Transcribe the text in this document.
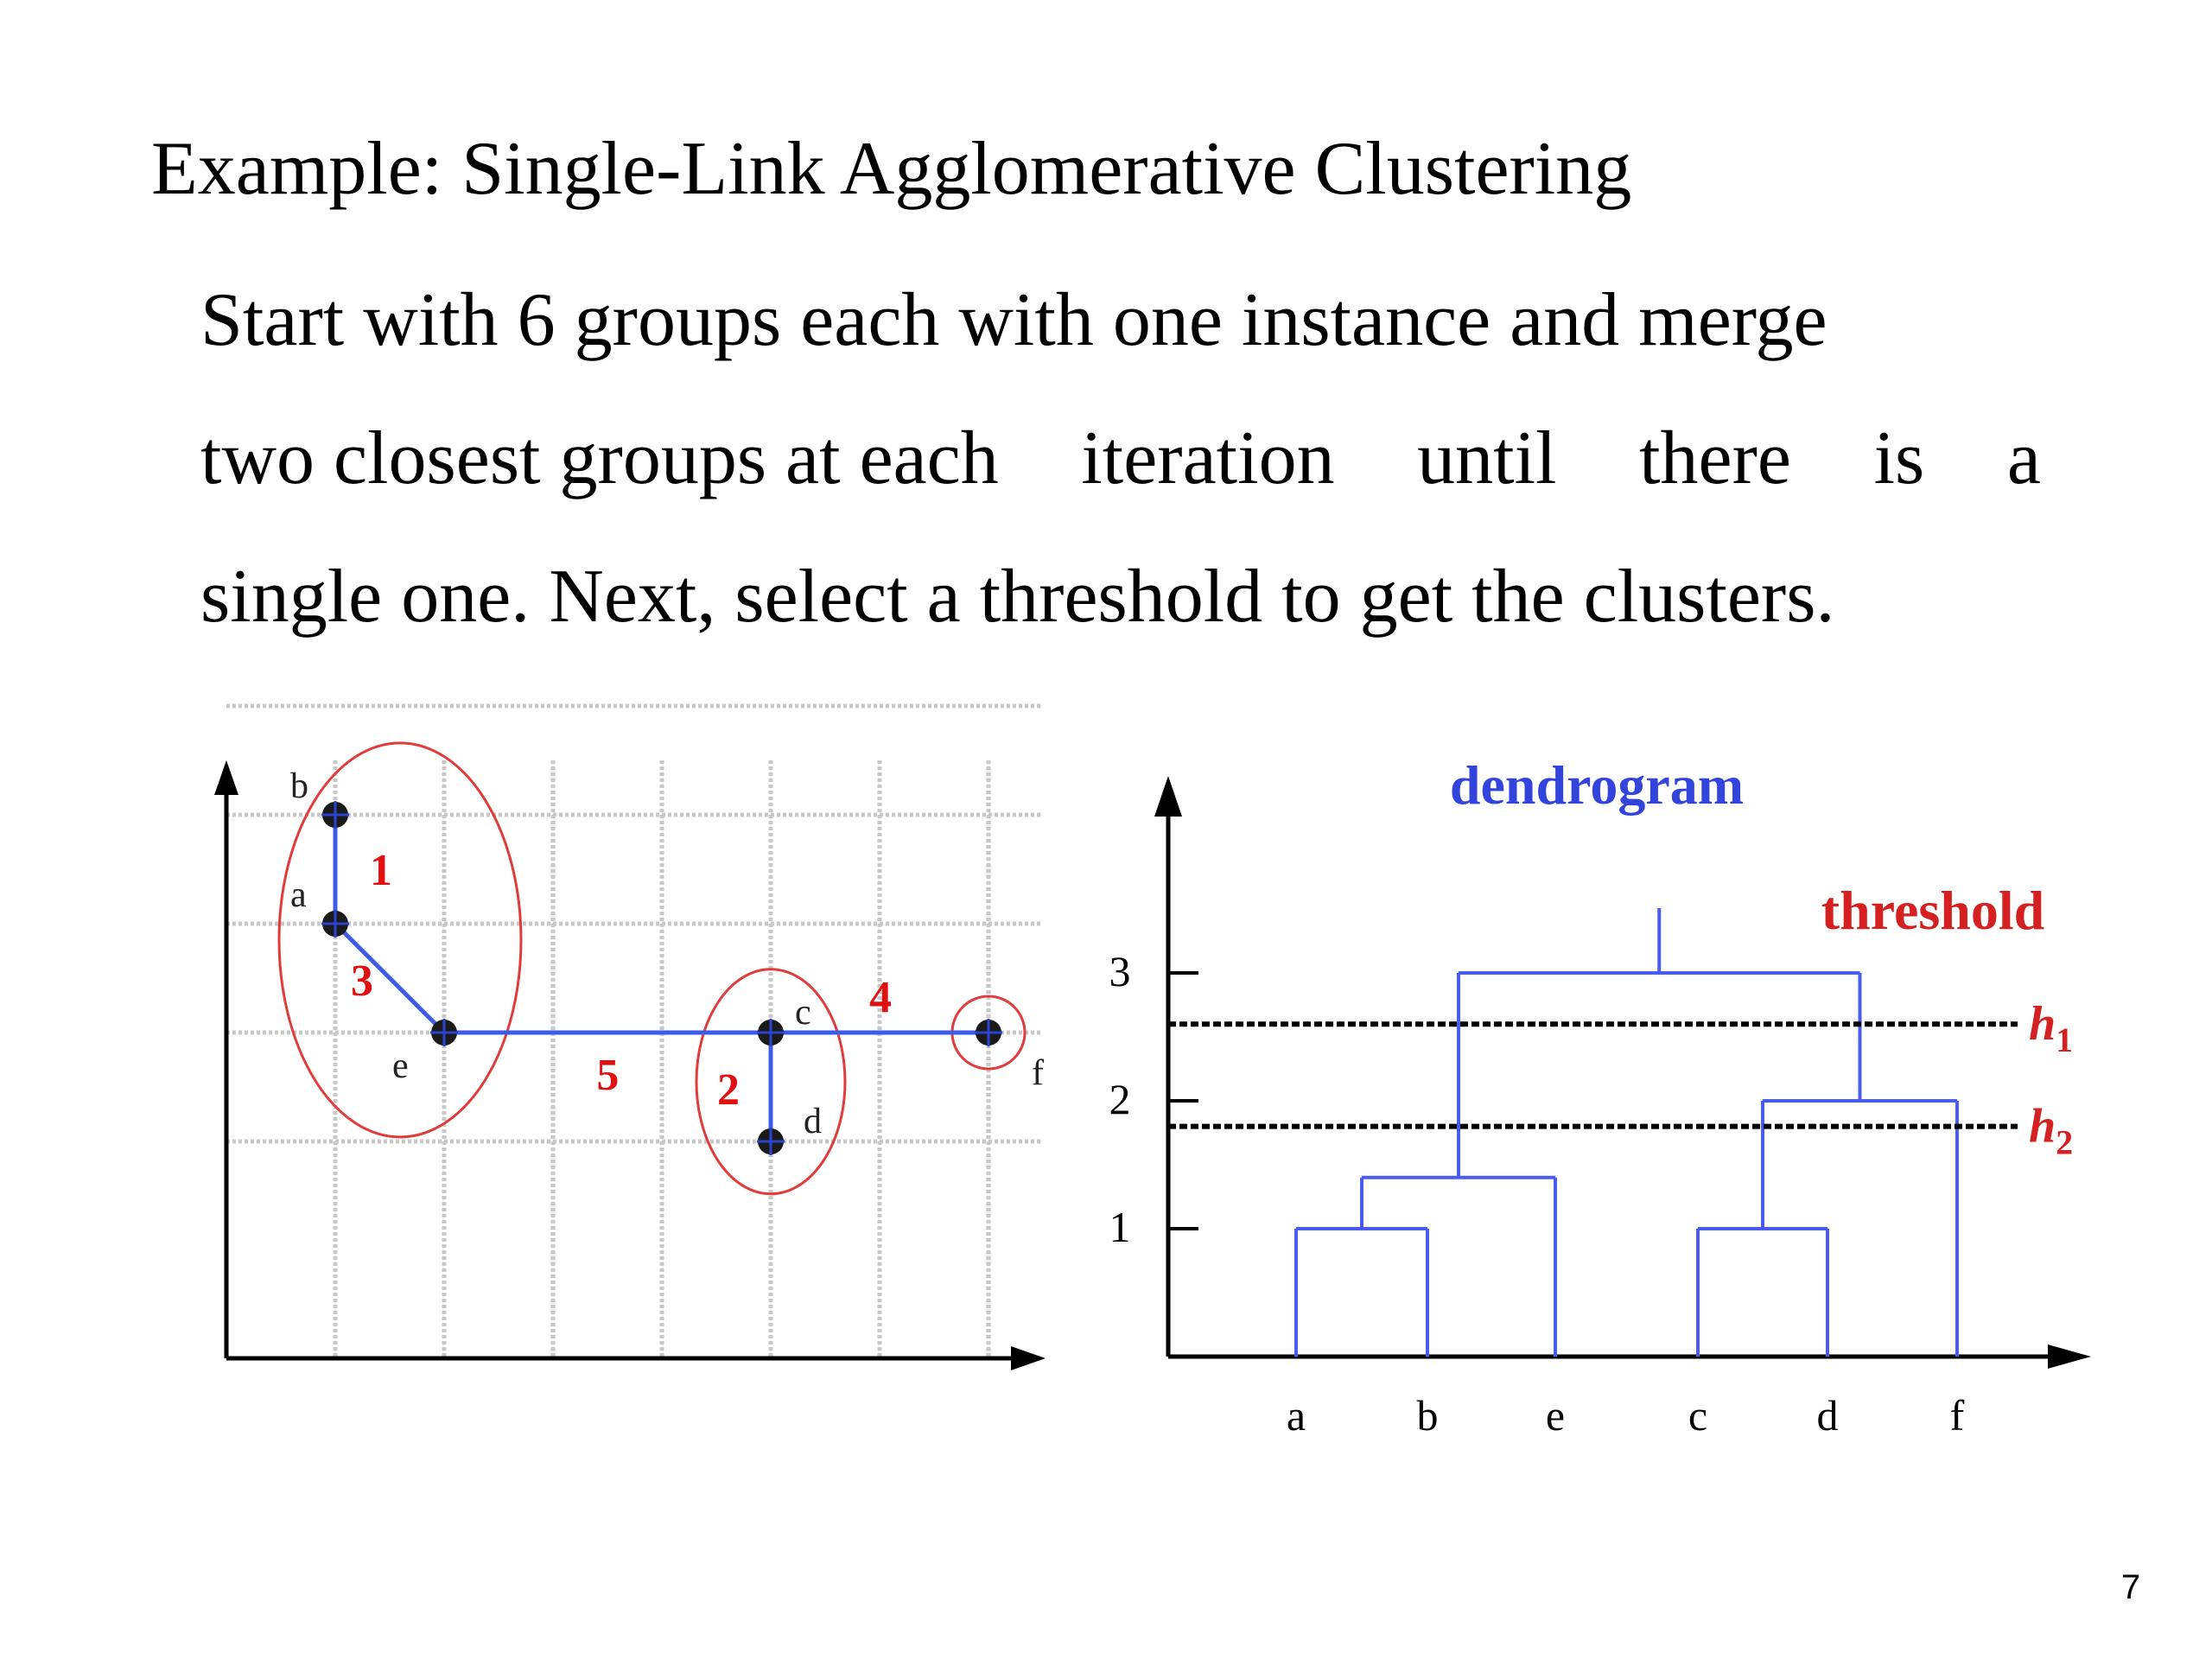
Example: Single-Link Agglomerative Clustering
Start with 6 groups each with one instance and merge
two closest groups at each iteration until there is a
single one. Next, select a threshold to get the clusters.
a
b
e
c
d
f
1
2
3	4
5
1
2
3
a	b e	c	d	f
$h_1$
$h_2$
dendrogram
threshold
7
